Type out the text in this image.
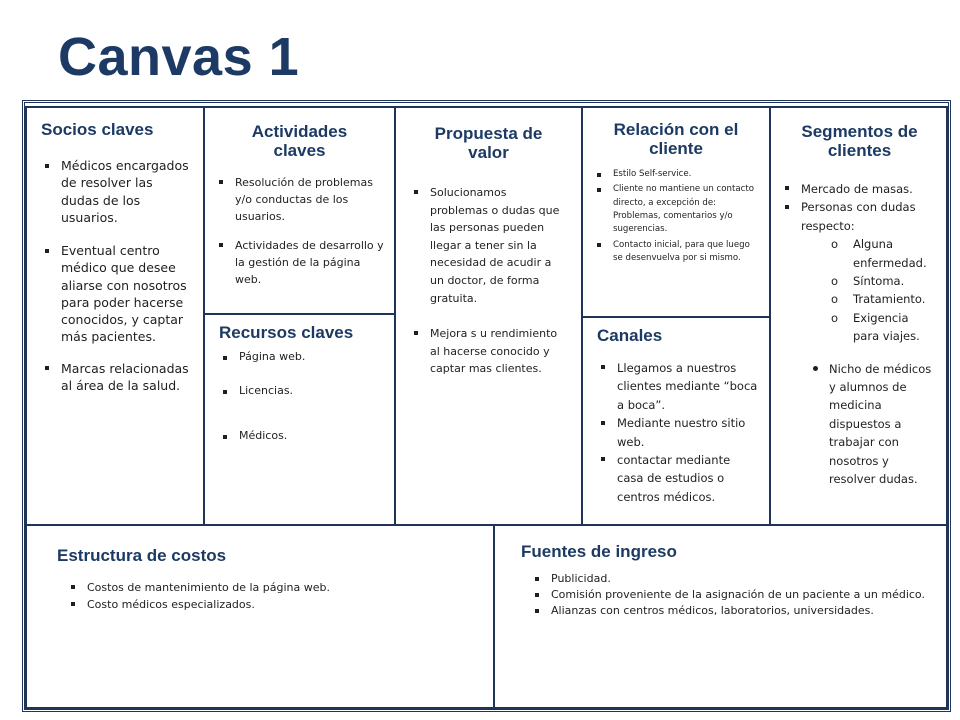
Canvas 1
Socios claves
Médicos encargados de resolver las dudas de los usuarios.
Eventual centro médico que desee aliarse con nosotros para poder hacerse conocidos, y captar más pacientes.
Marcas relacionadas al área de la salud.
Actividades claves
Resolución de problemas y/o conductas de los usuarios.
Actividades de desarrollo y la gestión de la página web.
Recursos claves
Página web.
Licencias.
Médicos.
Propuesta de valor
Solucionamos problemas o dudas que las personas pueden llegar a tener sin la necesidad de acudir a un doctor, de forma gratuita.
Mejora s u rendimiento al hacerse conocido y captar mas clientes.
Relación con el cliente
Estilo Self-service.
Cliente no mantiene un contacto directo, a excepción de: Problemas, comentarios y/o sugerencias.
Contacto inicial, para que luego se desenvuelva por si mismo.
Canales
Llegamos a nuestros clientes mediante “boca a boca”.
Mediante nuestro sitio web.
contactar mediante casa de estudios o centros médicos.
Segmentos de clientes
Mercado de masas.
Personas con dudas respecto:
o Alguna enfermedad.
o Síntoma.
o Tratamiento.
o Exigencia para viajes.
Nicho de médicos y alumnos de medicina dispuestos a trabajar con nosotros y resolver dudas.
Estructura de costos
Costos de mantenimiento de la página web.
Costo médicos especializados.
Fuentes de ingreso
Publicidad.
Comisión proveniente de la asignación de un paciente a un médico.
Alianzas con centros médicos, laboratorios, universidades.
